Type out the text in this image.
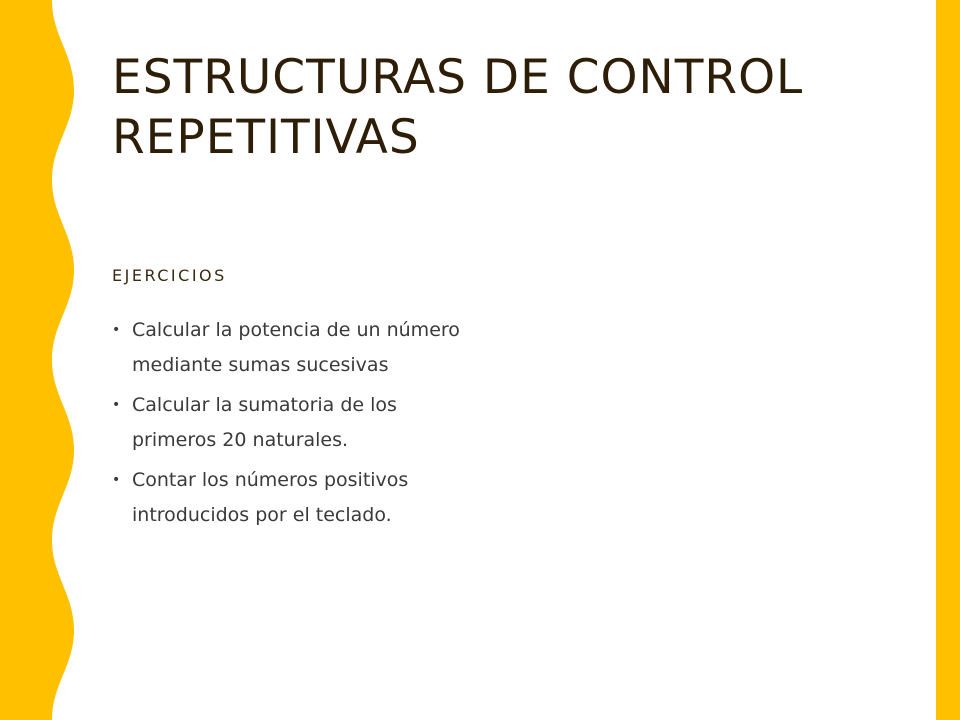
ESTRUCTURAS DE CONTROL REPETITIVAS

EJERCICIOS

• Calcular la potencia de un número mediante sumas sucesivas
• Calcular la sumatoria de los primeros 20 naturales.
• Contar los números positivos introducidos por el teclado.
